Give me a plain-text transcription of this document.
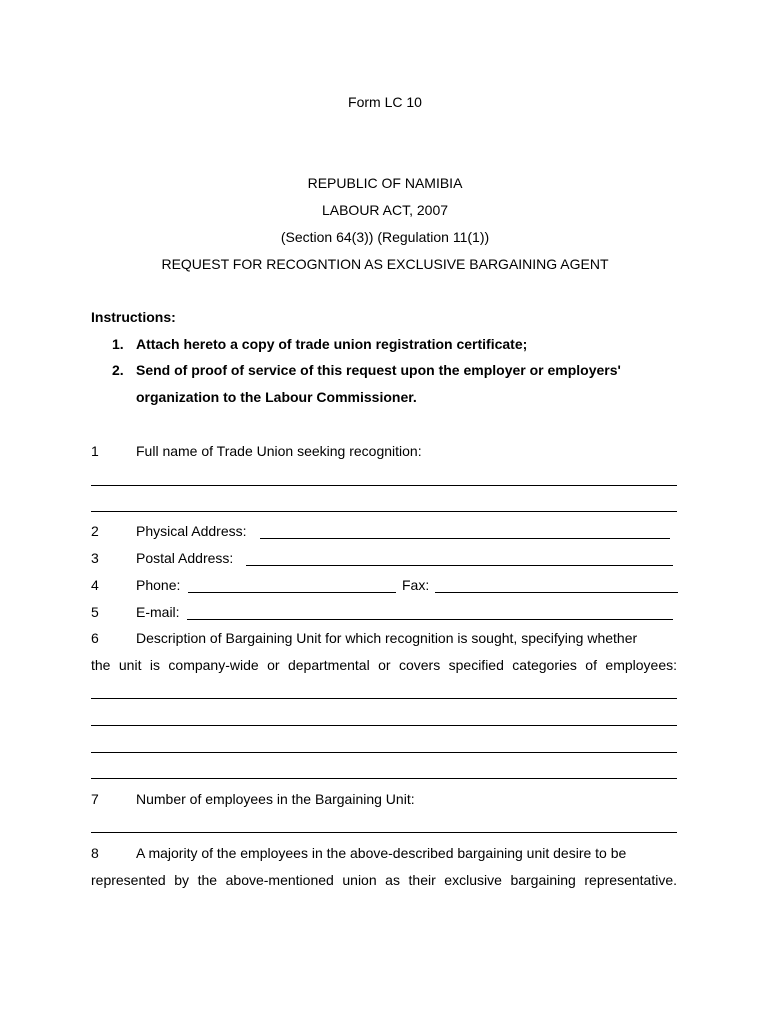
Form LC 10
REPUBLIC OF NAMIBIA
LABOUR ACT, 2007
(Section 64(3)) (Regulation 11(1))
REQUEST FOR RECOGNTION AS EXCLUSIVE BARGAINING AGENT
Instructions:
1. Attach hereto a copy of trade union registration certificate;
2. Send of proof of service of this request upon the employer or employers'
organization to the Labour Commissioner.
1	Full name of Trade Union seeking recognition:
2	Physical Address:
3	Postal Address:
4	Phone:	Fax:
5	E-mail:
6	Description of Bargaining Unit for which recognition is sought, specifying whether
the unit is company-wide or departmental or covers specified categories of employees:
7	Number of employees in the Bargaining Unit:
8	A majority of the employees in the above-described bargaining unit desire to be
represented by the above-mentioned union as their exclusive bargaining representative.
